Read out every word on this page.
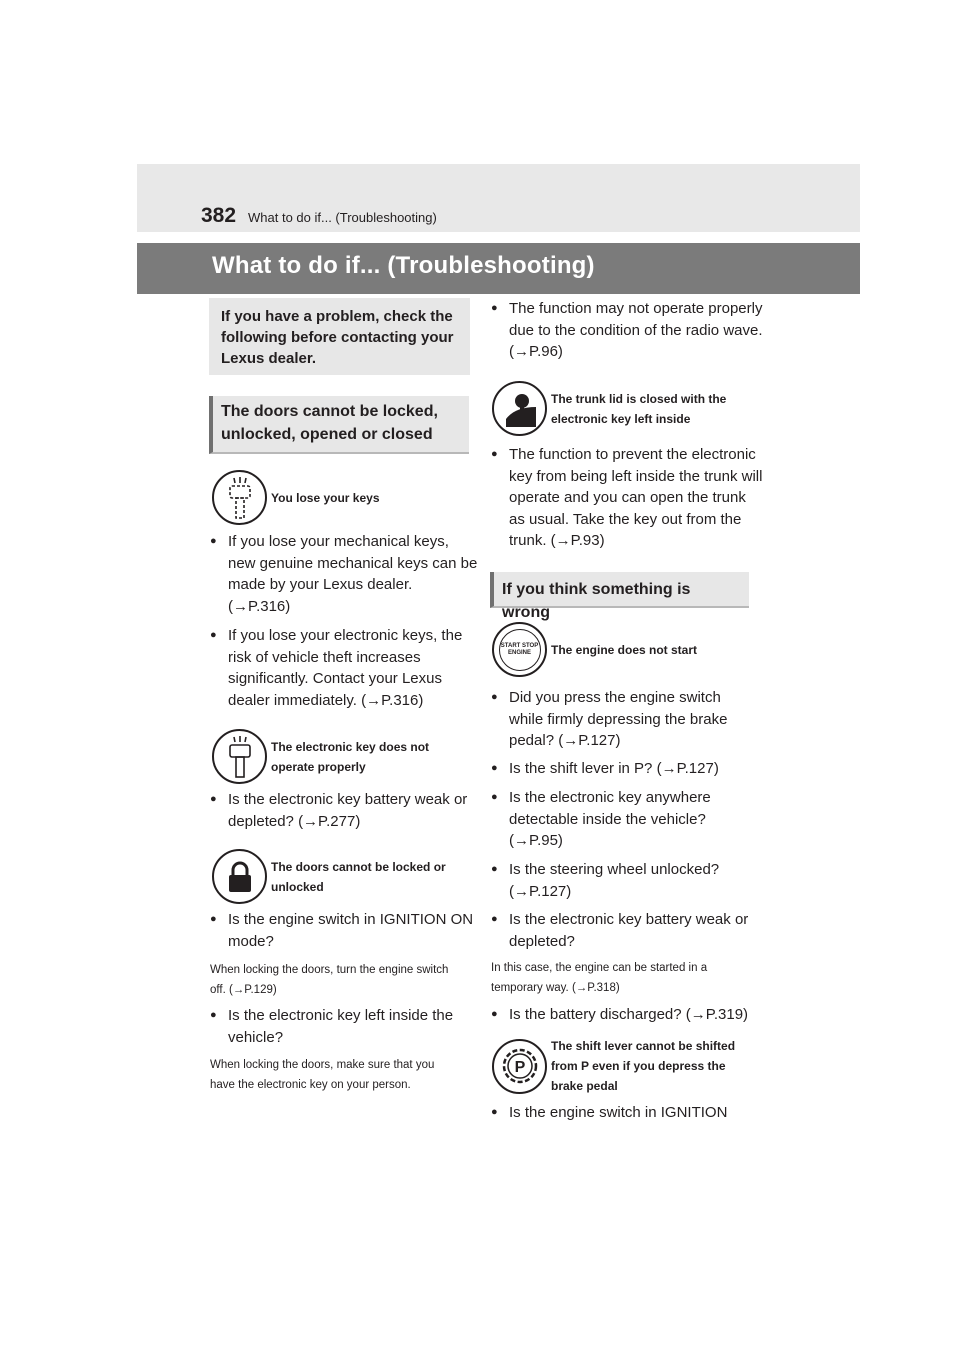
382 What to do if... (Troubleshooting)
What to do if... (Troubleshooting)
If you have a problem, check the following before contacting your Lexus dealer.
The doors cannot be locked, unlocked, opened or closed
You lose your keys
● If you lose your mechanical keys, new genuine mechanical keys can be made by your Lexus dealer. (→P.316)
● If you lose your electronic keys, the risk of vehicle theft increases significantly. Contact your Lexus dealer immediately. (→P.316)
The electronic key does not operate properly
● Is the electronic key battery weak or depleted? (→P.277)
The doors cannot be locked or unlocked
● Is the engine switch in IGNITION ON mode?
When locking the doors, turn the engine switch off. (→P.129)
● Is the electronic key left inside the vehicle?
When locking the doors, make sure that you have the electronic key on your person.
● The function may not operate properly due to the condition of the radio wave. (→P.96)
The trunk lid is closed with the electronic key left inside
● The function to prevent the electronic key from being left inside the trunk will operate and you can open the trunk as usual. Take the key out from the trunk. (→P.93)
If you think something is wrong
START STOP ENGINE	The engine does not start
● Did you press the engine switch while firmly depressing the brake pedal? (→P.127)
● Is the shift lever in P? (→P.127)
● Is the electronic key anywhere detectable inside the vehicle? (→P.95)
● Is the steering wheel unlocked? (→P.127)
● Is the electronic key battery weak or depleted?
In this case, the engine can be started in a temporary way. (→P.318)
● Is the battery discharged? (→P.319)
P
The shift lever cannot be shifted from P even if you depress the brake pedal
● Is the engine switch in IGNITION
